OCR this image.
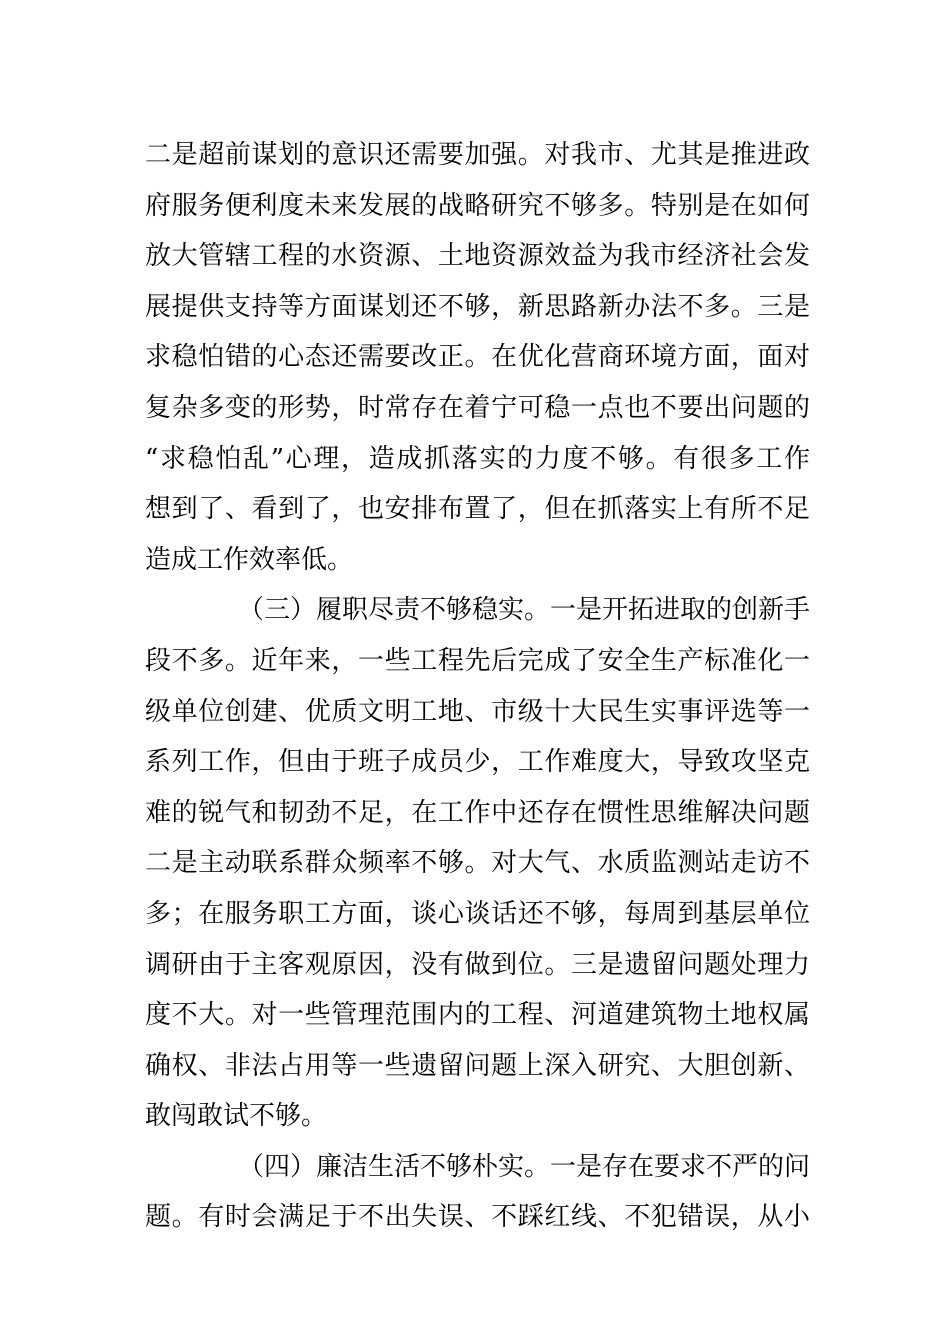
二是超前谋划的意识还需要加强。对我市、尤其是推进政
府服务便利度未来发展的战略研究不够多。特别是在如何
放大管辖工程的水资源、土地资源效益为我市经济社会发
展提供支持等方面谋划还不够，新思路新办法不多。三是
求稳怕错的心态还需要改正。在优化营商环境方面，面对
复杂多变的形势，时常存在着宁可稳一点也不要出问题的
“求稳怕乱”心理，造成抓落实的力度不够。有很多工作
想到了、看到了，也安排布置了，但在抓落实上有所不足
造成工作效率低。
（三）履职尽责不够稳实。一是开拓进取的创新手
段不多。近年来，一些工程先后完成了安全生产标准化一
级单位创建、优质文明工地、市级十大民生实事评选等一
系列工作，但由于班子成员少，工作难度大，导致攻坚克
难的锐气和韧劲不足，在工作中还存在惯性思维解决问题
二是主动联系群众频率不够。对大气、水质监测站走访不
多；在服务职工方面，谈心谈话还不够，每周到基层单位
调研由于主客观原因，没有做到位。三是遗留问题处理力
度不大。对一些管理范围内的工程、河道建筑物土地权属
确权、非法占用等一些遗留问题上深入研究、大胆创新、
敢闯敢试不够。
（四）廉洁生活不够朴实。一是存在要求不严的问
题。有时会满足于不出失误、不踩红线、不犯错误，从小
